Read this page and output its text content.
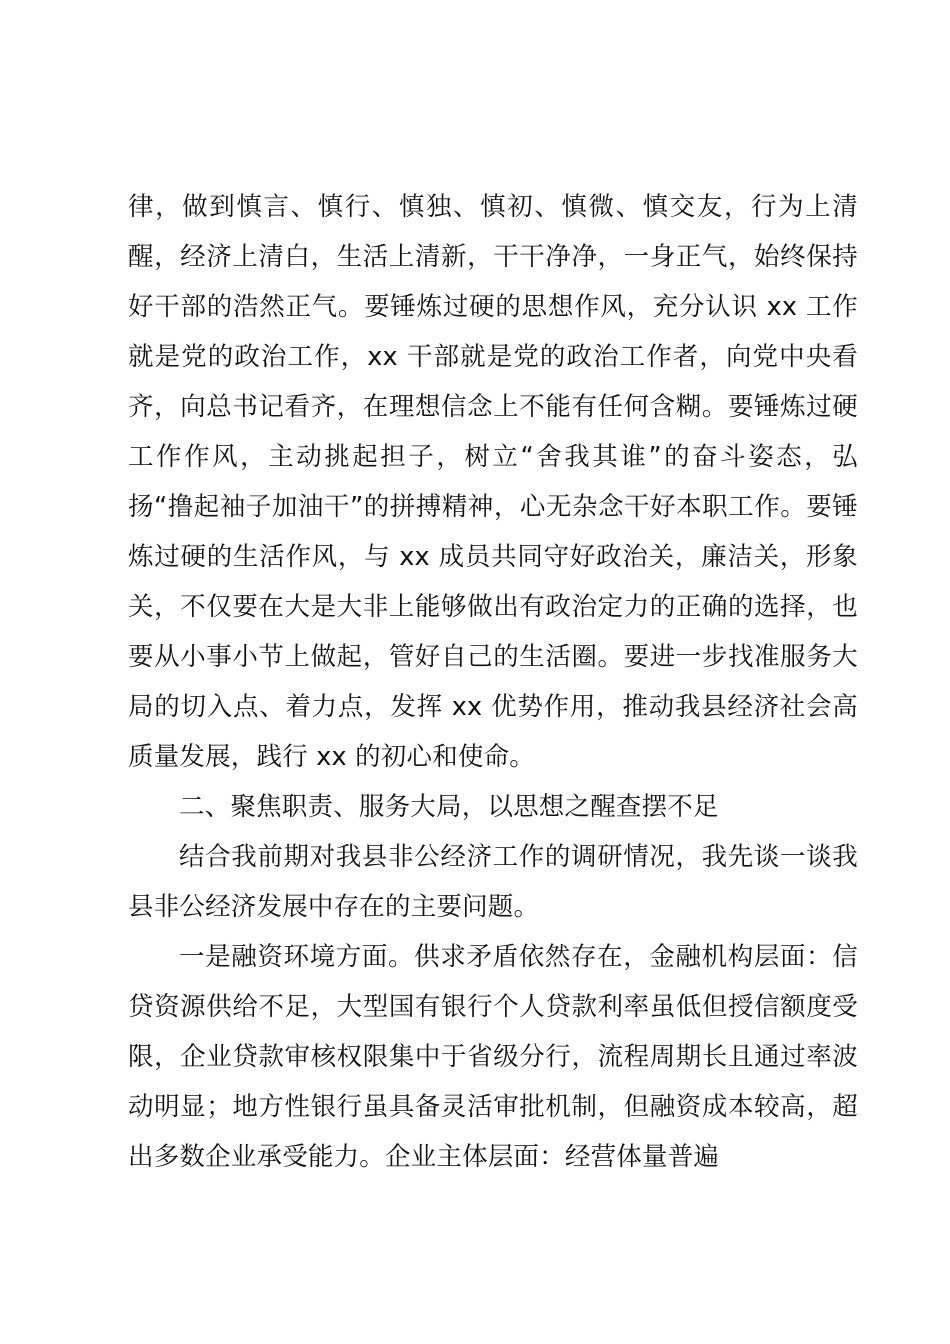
律，做到慎言、慎行、慎独、慎初、慎微、慎交友，行为上清醒，经济上清白，生活上清新，干干净净，一身正气，始终保持好干部的浩然正气。要锤炼过硬的思想作风，充分认识 xx 工作就是党的政治工作，xx 干部就是党的政治工作者，向党中央看齐，向总书记看齐，在理想信念上不能有任何含糊。要锤炼过硬工作作风，主动挑起担子，树立“舍我其谁”的奋斗姿态，弘扬“撸起袖子加油干”的拼搏精神，心无杂念干好本职工作。要锤炼过硬的生活作风，与 xx 成员共同守好政治关，廉洁关，形象关，不仅要在大是大非上能够做出有政治定力的正确的选择，也要从小事小节上做起，管好自己的生活圈。要进一步找准服务大局的切入点、着力点，发挥 xx 优势作用，推动我县经济社会高质量发展，践行 xx 的初心和使命。

二、聚焦职责、服务大局，以思想之醒查摆不足

结合我前期对我县非公经济工作的调研情况，我先谈一谈我县非公经济发展中存在的主要问题。

一是融资环境方面。供求矛盾依然存在，金融机构层面：信贷资源供给不足，大型国有银行个人贷款利率虽低但授信额度受限，企业贷款审核权限集中于省级分行，流程周期长且通过率波动明显；地方性银行虽具备灵活审批机制，但融资成本较高，超出多数企业承受能力。企业主体层面：经营体量普遍
